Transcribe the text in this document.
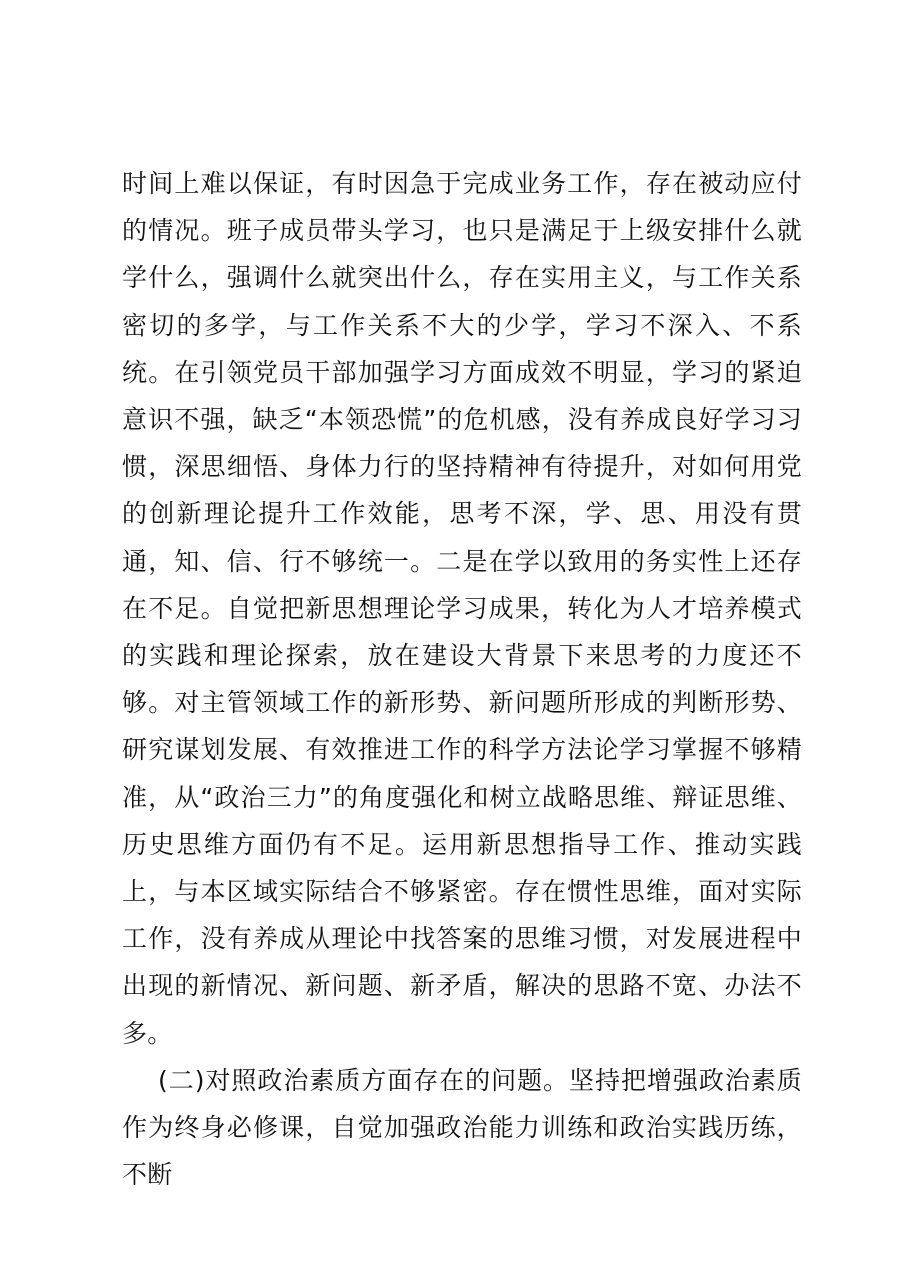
时间上难以保证，有时因急于完成业务工作，存在被动应付的情况。班子成员带头学习，也只是满足于上级安排什么就学什么，强调什么就突出什么，存在实用主义，与工作关系密切的多学，与工作关系不大的少学，学习不深入、不系统。在引领党员干部加强学习方面成效不明显，学习的紧迫意识不强，缺乏“本领恐慌”的危机感，没有养成良好学习习惯，深思细悟、身体力行的坚持精神有待提升，对如何用党的创新理论提升工作效能，思考不深，学、思、用没有贯通，知、信、行不够统一。二是在学以致用的务实性上还存在不足。自觉把新思想理论学习成果，转化为人才培养模式的实践和理论探索，放在建设大背景下来思考的力度还不够。对主管领域工作的新形势、新问题所形成的判断形势、研究谋划发展、有效推进工作的科学方法论学习掌握不够精准，从“政治三力”的角度强化和树立战略思维、辩证思维、历史思维方面仍有不足。运用新思想指导工作、推动实践上，与本区域实际结合不够紧密。存在惯性思维，面对实际工作，没有养成从理论中找答案的思维习惯，对发展进程中出现的新情况、新问题、新矛盾，解决的思路不宽、办法不多。

(二)对照政治素质方面存在的问题。坚持把增强政治素质作为终身必修课，自觉加强政治能力训练和政治实践历练，不断
